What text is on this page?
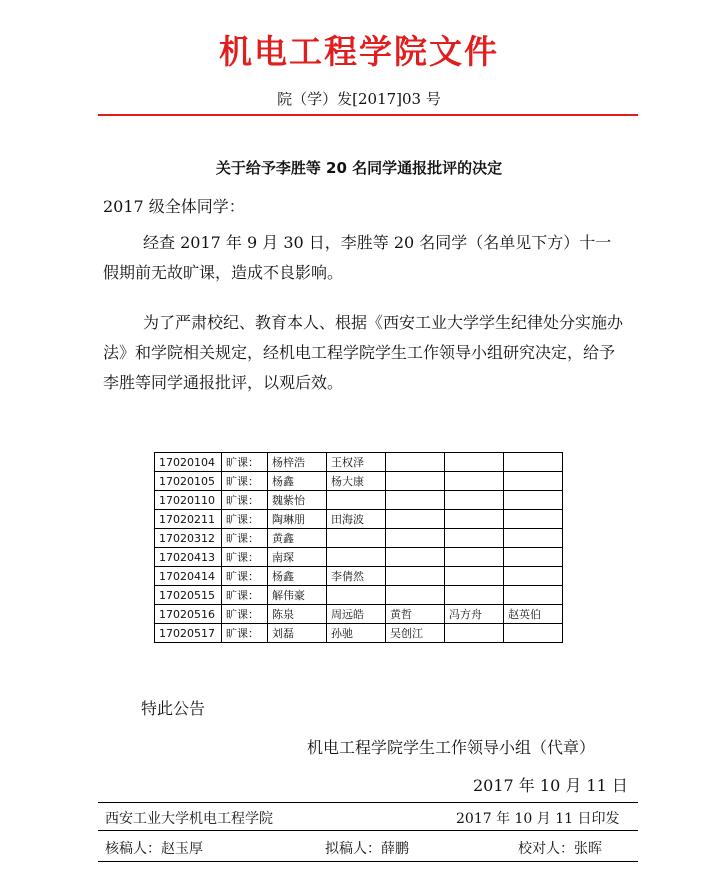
机电工程学院文件
院（学）发[2017]03 号
关于给予李胜等 20 名同学通报批评的决定
2017 级全体同学：
经查 2017 年 9 月 30 日，李胜等 20 名同学（名单见下方）十一假期前无故旷课，造成不良影响。
为了严肃校纪、教育本人、根据《西安工业大学学生纪律处分实施办法》和学院相关规定，经机电工程学院学生工作领导小组研究决定，给予李胜等同学通报批评，以观后效。
17020104	旷课：	杨梓浩	王权泽			
17020105	旷课：	杨鑫	杨大康			
17020110	旷课：	魏紫怡				
17020211	旷课：	陶琳朋	田海波			
17020312	旷课：	黄鑫				
17020413	旷课：	南琛				
17020414	旷课：	杨鑫	李倩然			
17020515	旷课：	解伟豪				
17020516	旷课：	陈泉	周远皓	黄哲	冯方舟	赵英伯
17020517	旷课：	刘磊	孙驰	吴创江		
特此公告
机电工程学院学生工作领导小组（代章）
2017 年 10 月 11 日
西安工业大学机电工程学院	2017 年 10 月 11 日印发
核稿人：赵玉厚	拟稿人：薛鹏	校对人：张晖
